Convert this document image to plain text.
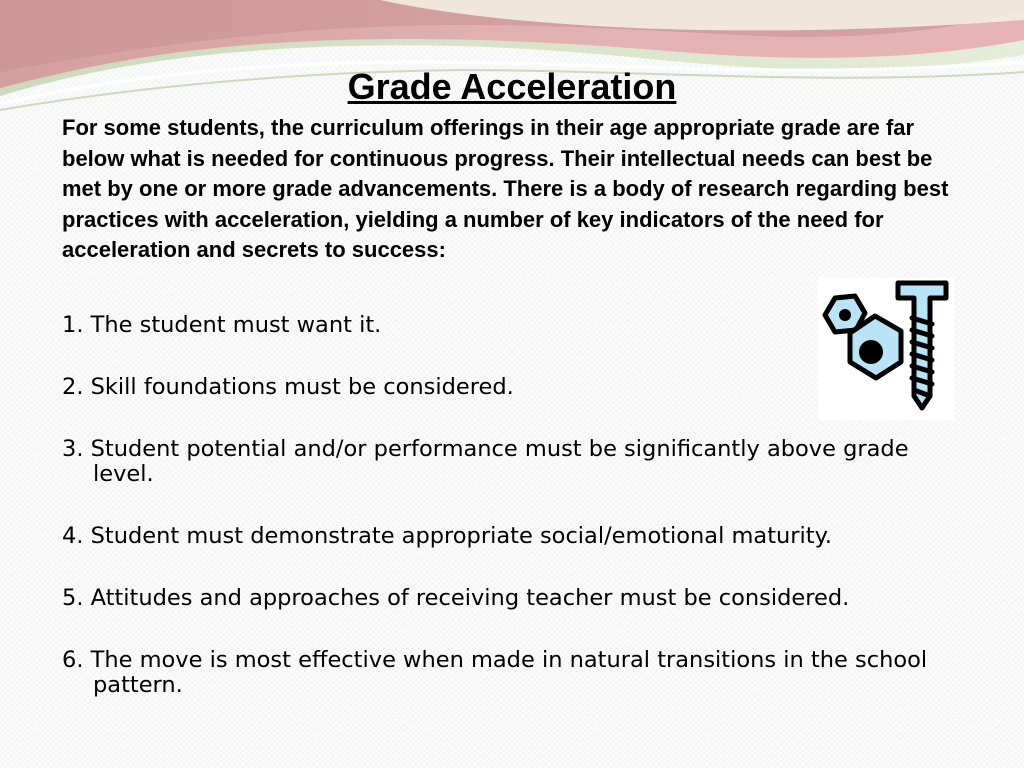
Grade Acceleration
For some students, the curriculum offerings in their age appropriate grade are far below what is needed for continuous progress. Their intellectual needs can best be met by one or more grade advancements. There is a body of research regarding best practices with acceleration, yielding a number of key indicators of the need for acceleration and secrets to success:
1. The student must want it.
2. Skill foundations must be considered.
3. Student potential and/or performance must be significantly above grade level.
4. Student must demonstrate appropriate social/emotional maturity.
5. Attitudes and approaches of receiving teacher must be considered.
6. The move is most effective when made in natural transitions in the school pattern.
